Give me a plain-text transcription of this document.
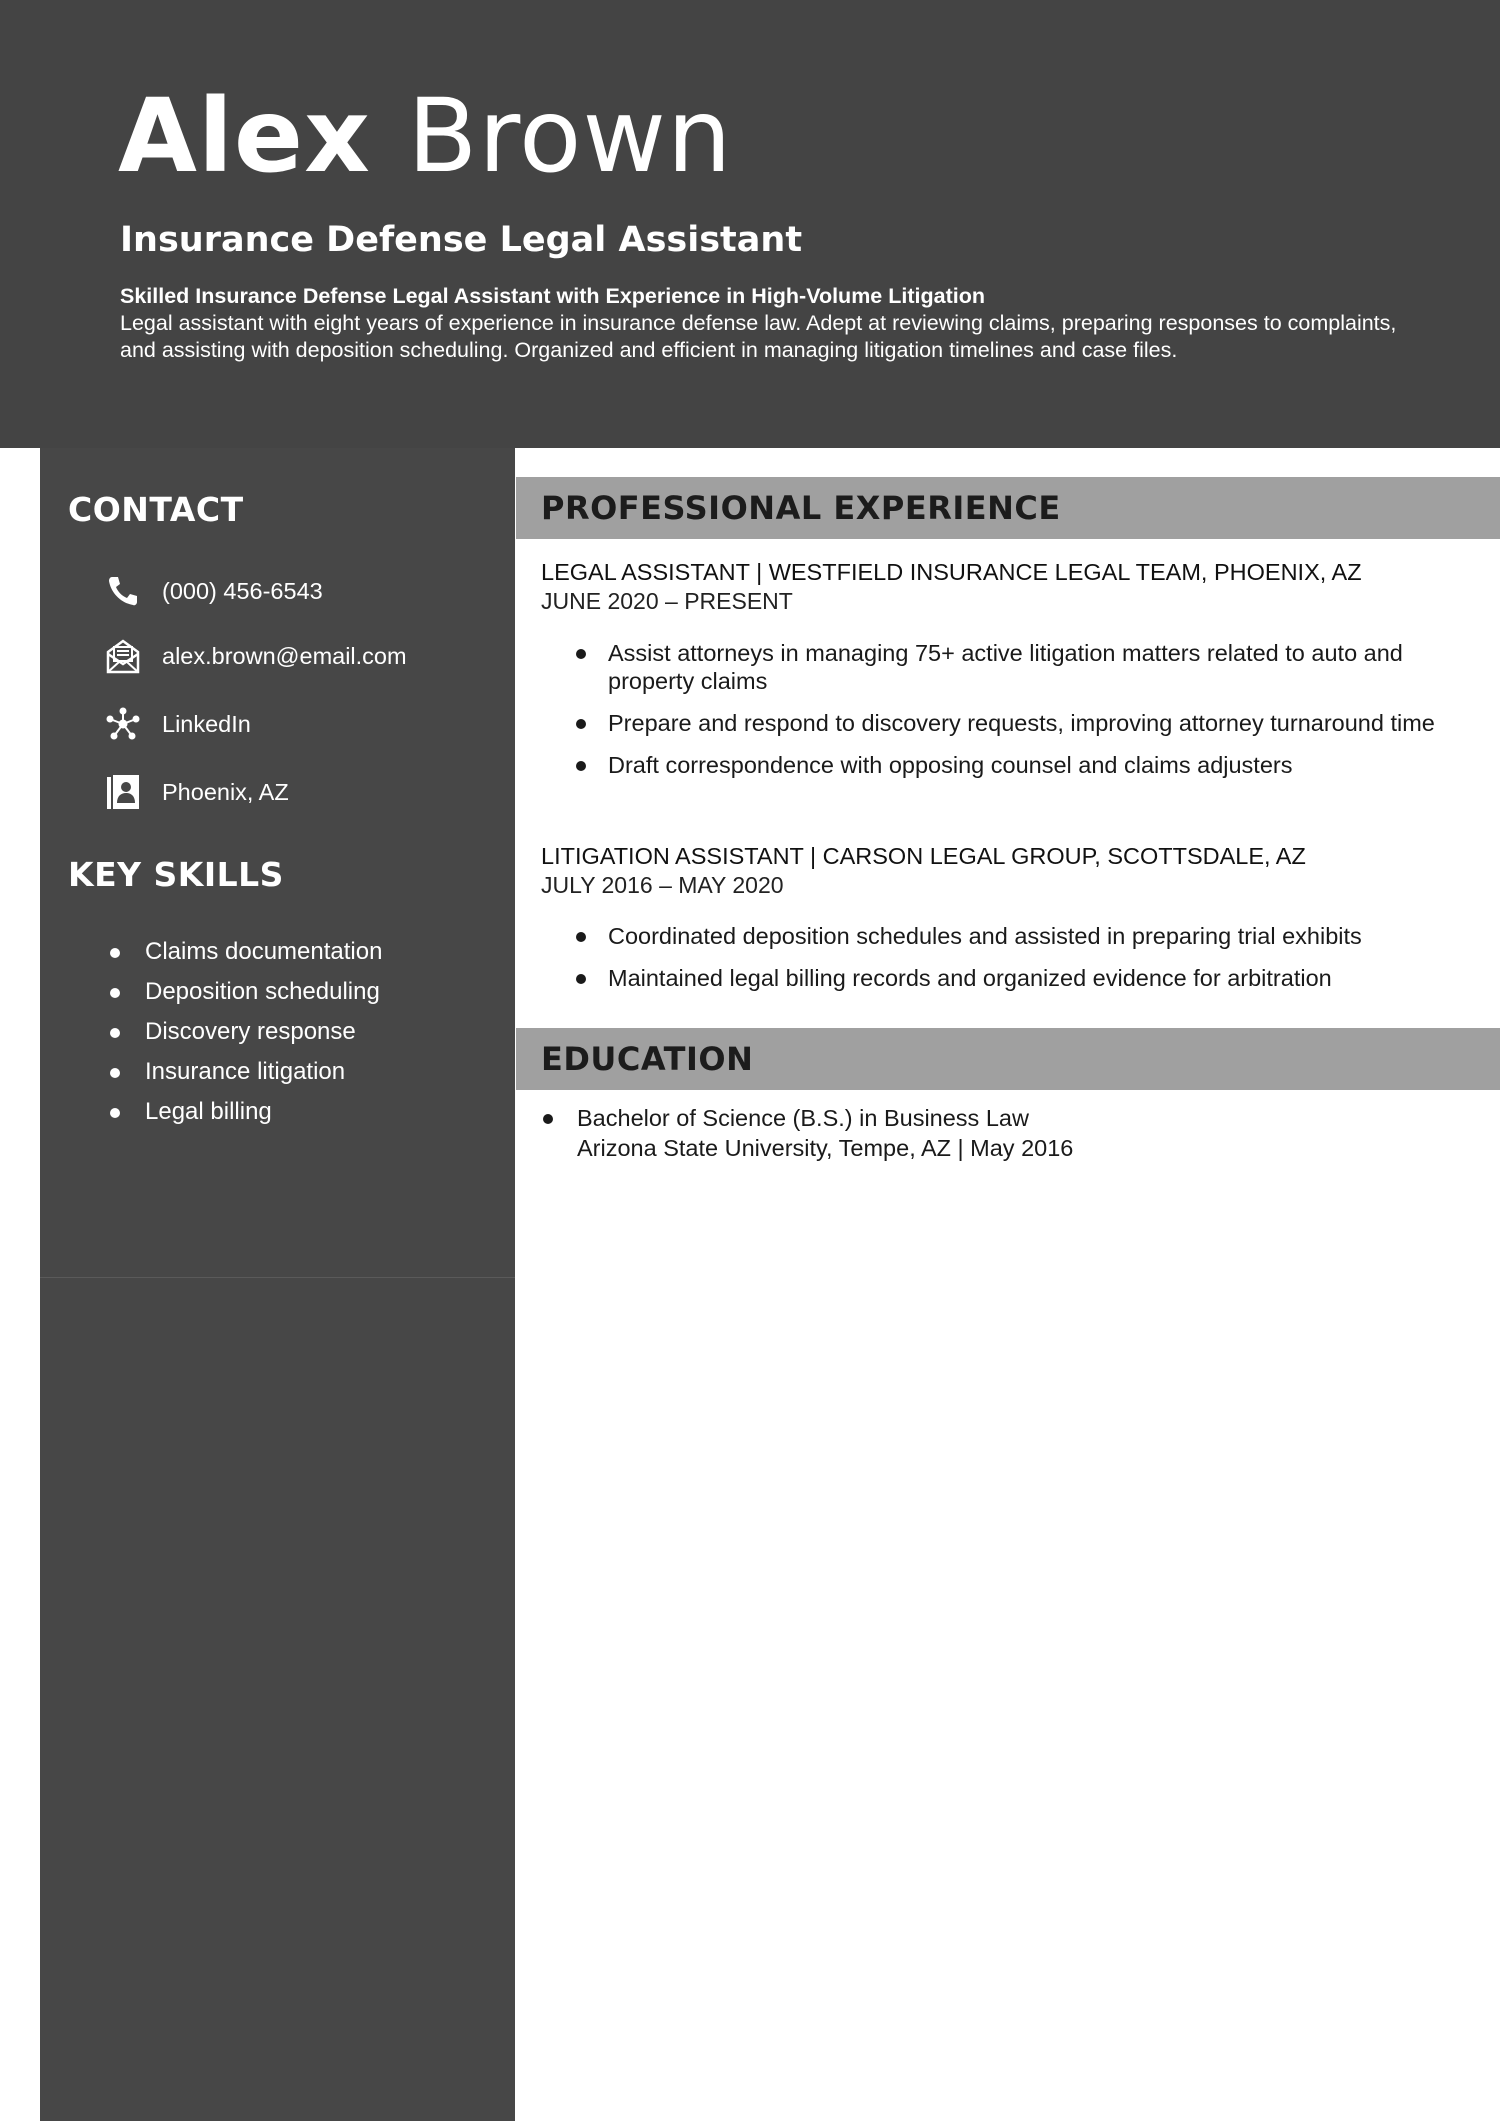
Alex Brown
Insurance Defense Legal Assistant
Skilled Insurance Defense Legal Assistant with Experience in High-Volume Litigation
Legal assistant with eight years of experience in insurance defense law. Adept at reviewing claims, preparing responses to complaints, and assisting with deposition scheduling. Organized and efficient in managing litigation timelines and case files.
CONTACT
(000) 456-6543
alex.brown@email.com
LinkedIn
Phoenix, AZ
KEY SKILLS
Claims documentation
Deposition scheduling
Discovery response
Insurance litigation
Legal billing
PROFESSIONAL EXPERIENCE
LEGAL ASSISTANT | WESTFIELD INSURANCE LEGAL TEAM, PHOENIX, AZ
JUNE 2020 – PRESENT
Assist attorneys in managing 75+ active litigation matters related to auto and property claims
Prepare and respond to discovery requests, improving attorney turnaround time
Draft correspondence with opposing counsel and claims adjusters
LITIGATION ASSISTANT | CARSON LEGAL GROUP, SCOTTSDALE, AZ
JULY 2016 – MAY 2020
Coordinated deposition schedules and assisted in preparing trial exhibits
Maintained legal billing records and organized evidence for arbitration
EDUCATION
Bachelor of Science (B.S.) in Business Law
Arizona State University, Tempe, AZ | May 2016
